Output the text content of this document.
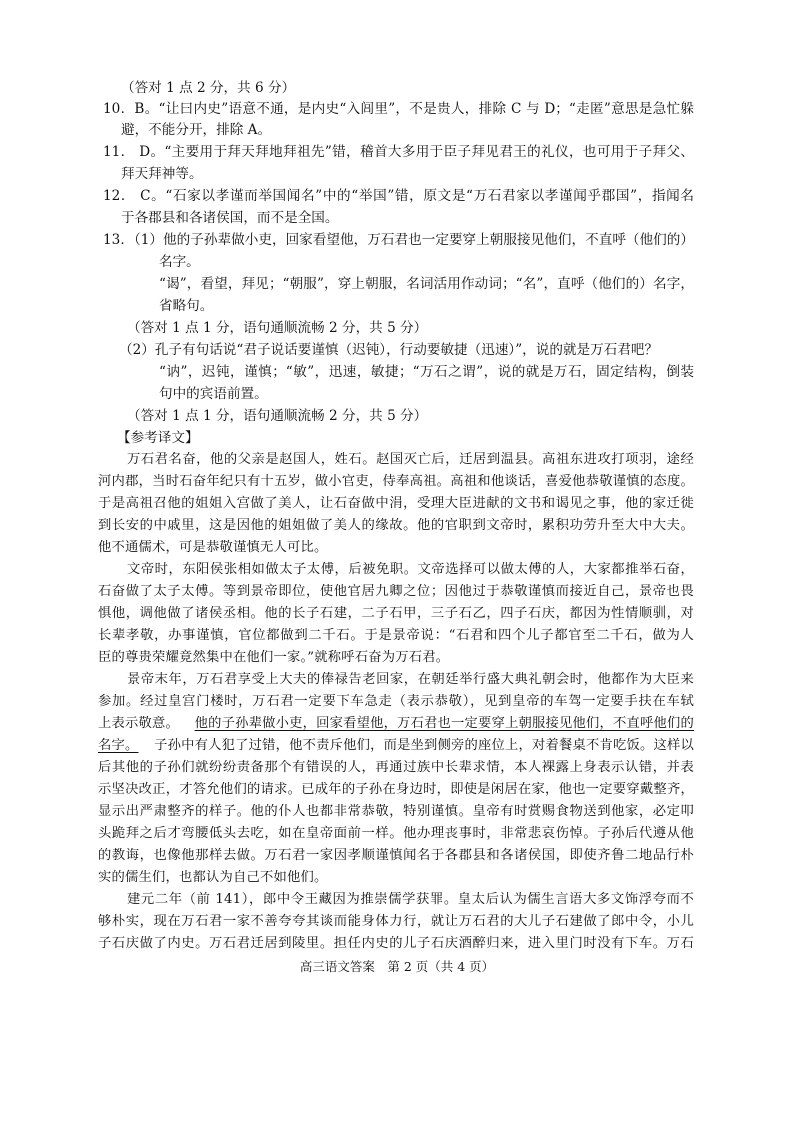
（答对 1 点 2 分，共 6 分）
10．B。“让曰内史”语意不通，是内史“入闾里”，不是贵人，排除 C 与 D；“走匿”意思是急忙躲
避，不能分开，排除 A。
11． D。“主要用于拜天拜地拜祖先”错，稽首大多用于臣子拜见君王的礼仪，也可用于子拜父、
拜天拜神等。
12． C。“石家以孝谨而举国闻名”中的“举国”错，原文是“万石君家以孝谨闻乎郡国”，指闻名
于各郡县和各诸侯国，而不是全国。
13．（1）他的子孙辈做小吏，回家看望他，万石君也一定要穿上朝服接见他们，不直呼（他们的）
名字。
“谒”，看望，拜见；“朝服”，穿上朝服，名词活用作动词；“名”，直呼（他们的）名字，
省略句。
（答对 1 点 1 分，语句通顺流畅 2 分，共 5 分）
（2）孔子有句话说“君子说话要谨慎（迟钝），行动要敏捷（迅速）”，说的就是万石君吧？
“讷”，迟钝，谨慎；“敏”，迅速，敏捷；“万石之谓”，说的就是万石，固定结构，倒装
句中的宾语前置。
（答对 1 点 1 分，语句通顺流畅 2 分，共 5 分）
【参考译文】
万石君名奋，他的父亲是赵国人，姓石。赵国灭亡后，迁居到温县。高祖东进攻打项羽，途经
河内郡，当时石奋年纪只有十五岁，做小官吏，侍奉高祖。高祖和他谈话，喜爱他恭敬谨慎的态度。
于是高祖召他的姐姐入宫做了美人，让石奋做中涓，受理大臣进献的文书和谒见之事，他的家迁徙
到长安的中戚里，这是因他的姐姐做了美人的缘故。他的官职到文帝时，累积功劳升至大中大夫。
他不通儒术，可是恭敬谨慎无人可比。
文帝时，东阳侯张相如做太子太傅，后被免职。文帝选择可以做太傅的人，大家都推举石奋，
石奋做了太子太傅。等到景帝即位，使他官居九卿之位；因他过于恭敬谨慎而接近自己，景帝也畏
惧他，调他做了诸侯丞相。他的长子石建，二子石甲，三子石乙，四子石庆，都因为性情顺驯，对
长辈孝敬，办事谨慎，官位都做到二千石。于是景帝说：“石君和四个儿子都官至二千石，做为人
臣的尊贵荣耀竟然集中在他们一家。”就称呼石奋为万石君。
景帝末年，万石君享受上大夫的俸禄告老回家，在朝廷举行盛大典礼朝会时，他都作为大臣来
参加。经过皇宫门楼时，万石君一定要下车急走（表示恭敬），见到皇帝的车驾一定要手扶在车轼
上表示敬意。 他的子孙辈做小吏，回家看望他，万石君也一定要穿上朝服接见他们，不直呼他们的
名字。 子孙中有人犯了过错，他不责斥他们，而是坐到侧旁的座位上，对着餐桌不肯吃饭。这样以
后其他的子孙们就纷纷责备那个有错误的人，再通过族中长辈求情，本人裸露上身表示认错，并表
示坚决改正，才答允他们的请求。已成年的子孙在身边时，即使是闲居在家，他也一定要穿戴整齐，
显示出严肃整齐的样子。他的仆人也都非常恭敬，特别谨慎。皇帝有时赏赐食物送到他家，必定叩
头跪拜之后才弯腰低头去吃，如在皇帝面前一样。他办理丧事时，非常悲哀伤悼。子孙后代遵从他
的教诲，也像他那样去做。万石君一家因孝顺谨慎闻名于各郡县和各诸侯国，即使齐鲁二地品行朴
实的儒生们，也都认为自己不如他们。
建元二年（前 141），郎中令王藏因为推崇儒学获罪。皇太后认为儒生言语大多文饰浮夸而不
够朴实，现在万石君一家不善夸夸其谈而能身体力行，就让万石君的大儿子石建做了郎中令，小儿
子石庆做了内史。万石君迁居到陵里。担任内史的儿子石庆酒醉归来，进入里门时没有下车。万石
高三语文答案　第 2 页（共 4 页）
